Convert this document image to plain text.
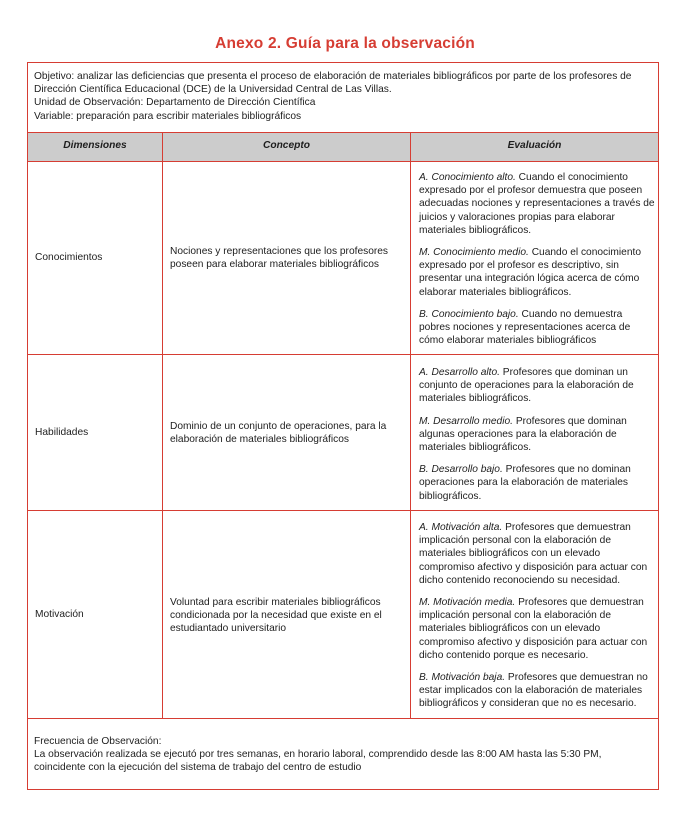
Anexo 2. Guía para la observación
Objetivo: analizar las deficiencias que presenta el proceso de elaboración de materiales bibliográficos por parte de los profesores de Dirección Científica Educacional (DCE) de la Universidad Central de Las Villas.
Unidad de Observación: Departamento de Dirección Científica
Variable: preparación para escribir materiales bibliográficos
Dimensiones	Concepto	Evaluación
Conocimientos
Nociones y representaciones que los profesores poseen para elaborar materiales bibliográficos

A. Conocimiento alto. Cuando el conocimiento expresado por el profesor demuestra que poseen adecuadas nociones y representaciones a través de juicios y valoraciones propias para elaborar materiales bibliográficos.

M. Conocimiento medio. Cuando el conocimiento expresado por el profesor es descriptivo, sin presentar una integración lógica acerca de cómo elaborar materiales bibliográficos.

B. Conocimiento bajo. Cuando no demuestra pobres nociones y representaciones acerca de cómo elaborar materiales bibliográficos

Habilidades
Dominio de un conjunto de operaciones, para la elaboración de materiales bibliográficos

A. Desarrollo alto. Profesores que dominan un conjunto de operaciones para la elaboración de materiales bibliográficos.

M. Desarrollo medio. Profesores que dominan algunas operaciones para la elaboración de materiales bibliográficos.

B. Desarrollo bajo. Profesores que no dominan operaciones para la elaboración de materiales bibliográficos.

Motivación
Voluntad para escribir materiales bibliográficos condicionada por la necesidad que existe en el estudiantado universitario

A. Motivación alta. Profesores que demuestran implicación personal con la elaboración de materiales bibliográficos con un elevado compromiso afectivo y disposición para actuar con dicho contenido reconociendo su necesidad.

M. Motivación media. Profesores que demuestran implicación personal con la elaboración de materiales bibliográficos con un elevado compromiso afectivo y disposición para actuar con dicho contenido porque es necesario.

B. Motivación baja. Profesores que demuestran no estar implicados con la elaboración de materiales bibliográficos y consideran que no es necesario.

Frecuencia de Observación:
La observación realizada se ejecutó por tres semanas, en horario laboral, comprendido desde las 8:00 AM hasta las 5:30 PM, coincidente con la ejecución del sistema de trabajo del centro de estudio
